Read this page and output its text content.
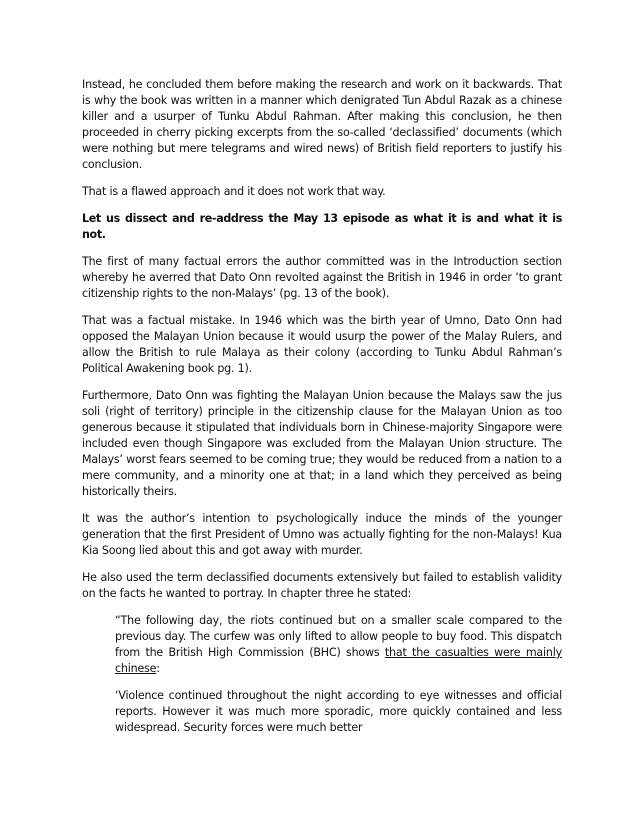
Instead, he concluded them before making the research and work on it backwards. That is why the book was written in a manner which denigrated Tun Abdul Razak as a chinese killer and a usurper of Tunku Abdul Rahman. After making this conclusion, he then proceeded in cherry picking excerpts from the so-called ‘declassified’ documents (which were nothing but mere telegrams and wired news) of British field reporters to justify his conclusion.

That is a flawed approach and it does not work that way.

Let us dissect and re-address the May 13 episode as what it is and what it is not.

The first of many factual errors the author committed was in the Introduction section whereby he averred that Dato Onn revolted against the British in 1946 in order ‘to grant citizenship rights to the non-Malays’ (pg. 13 of the book).

That was a factual mistake. In 1946 which was the birth year of Umno, Dato Onn had opposed the Malayan Union because it would usurp the power of the Malay Rulers, and allow the British to rule Malaya as their colony (according to Tunku Abdul Rahman’s Political Awakening book pg. 1).

Furthermore, Dato Onn was fighting the Malayan Union because the Malays saw the jus soli (right of territory) principle in the citizenship clause for the Malayan Union as too generous because it stipulated that individuals born in Chinese-majority Singapore were included even though Singapore was excluded from the Malayan Union structure. The Malays’ worst fears seemed to be coming true; they would be reduced from a nation to a mere community, and a minority one at that; in a land which they perceived as being historically theirs.

It was the author’s intention to psychologically induce the minds of the younger generation that the first President of Umno was actually fighting for the non-Malays! Kua Kia Soong lied about this and got away with murder.

He also used the term declassified documents extensively but failed to establish validity on the facts he wanted to portray. In chapter three he stated:

“The following day, the riots continued but on a smaller scale compared to the previous day. The curfew was only lifted to allow people to buy food. This dispatch from the British High Commission (BHC) shows that the casualties were mainly chinese:

‘Violence continued throughout the night according to eye witnesses and official reports. However it was much more sporadic, more quickly contained and less widespread. Security forces were much better
